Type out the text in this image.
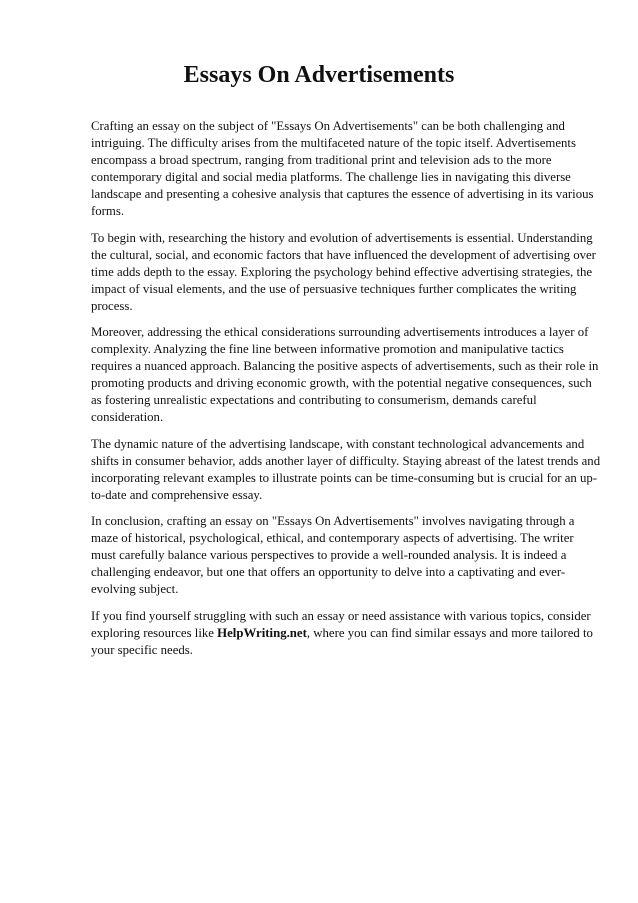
Essays On Advertisements

Crafting an essay on the subject of "Essays On Advertisements" can be both challenging and intriguing. The difficulty arises from the multifaceted nature of the topic itself. Advertisements encompass a broad spectrum, ranging from traditional print and television ads to the more contemporary digital and social media platforms. The challenge lies in navigating this diverse landscape and presenting a cohesive analysis that captures the essence of advertising in its various forms.

To begin with, researching the history and evolution of advertisements is essential. Understanding the cultural, social, and economic factors that have influenced the development of advertising over time adds depth to the essay. Exploring the psychology behind effective advertising strategies, the impact of visual elements, and the use of persuasive techniques further complicates the writing process.

Moreover, addressing the ethical considerations surrounding advertisements introduces a layer of complexity. Analyzing the fine line between informative promotion and manipulative tactics requires a nuanced approach. Balancing the positive aspects of advertisements, such as their role in promoting products and driving economic growth, with the potential negative consequences, such as fostering unrealistic expectations and contributing to consumerism, demands careful consideration.

The dynamic nature of the advertising landscape, with constant technological advancements and shifts in consumer behavior, adds another layer of difficulty. Staying abreast of the latest trends and incorporating relevant examples to illustrate points can be time-consuming but is crucial for an up-to-date and comprehensive essay.

In conclusion, crafting an essay on "Essays On Advertisements" involves navigating through a maze of historical, psychological, ethical, and contemporary aspects of advertising. The writer must carefully balance various perspectives to provide a well-rounded analysis. It is indeed a challenging endeavor, but one that offers an opportunity to delve into a captivating and ever-evolving subject.

If you find yourself struggling with such an essay or need assistance with various topics, consider exploring resources like HelpWriting.net, where you can find similar essays and more tailored to your specific needs.
